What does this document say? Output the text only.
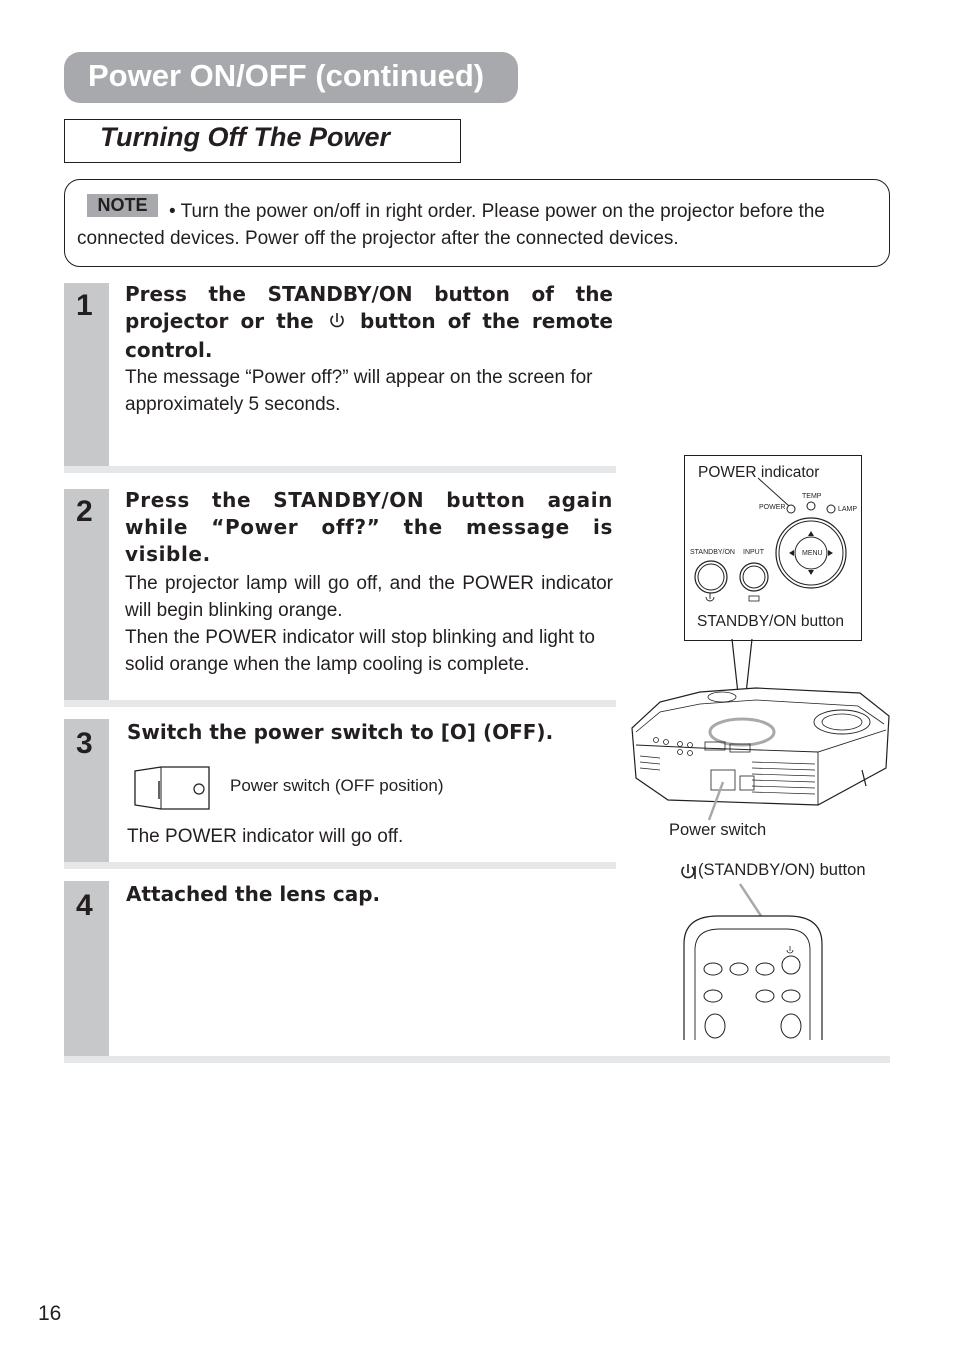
Power ON/OFF (continued)
Turning Off The Power
NOTE	• Turn the power on/off in right order. Please power on the projector before the connected devices. Power off the projector after the connected devices.
1 Press the STANDBY/ON button of the projector or the  button of the remote control.
The message “Power off?” will appear on the screen for approximately 5 seconds.
2 Press the STANDBY/ON button again while “Power off?” the message is visible.
The projector lamp will go off, and the POWER indicator will begin blinking orange.
Then the POWER indicator will stop blinking and light to solid orange when the lamp cooling is complete.
3 Switch the power switch to [O] (OFF).
Power switch (OFF position)
The POWER indicator will go off.
4 Attached the lens cap.
POWER indicator
TEMP
POWER	LAMP
STANDBY/ON INPUT	MENU
STANDBY/ON button
(STANDBY/ON) button
Power switch
16
